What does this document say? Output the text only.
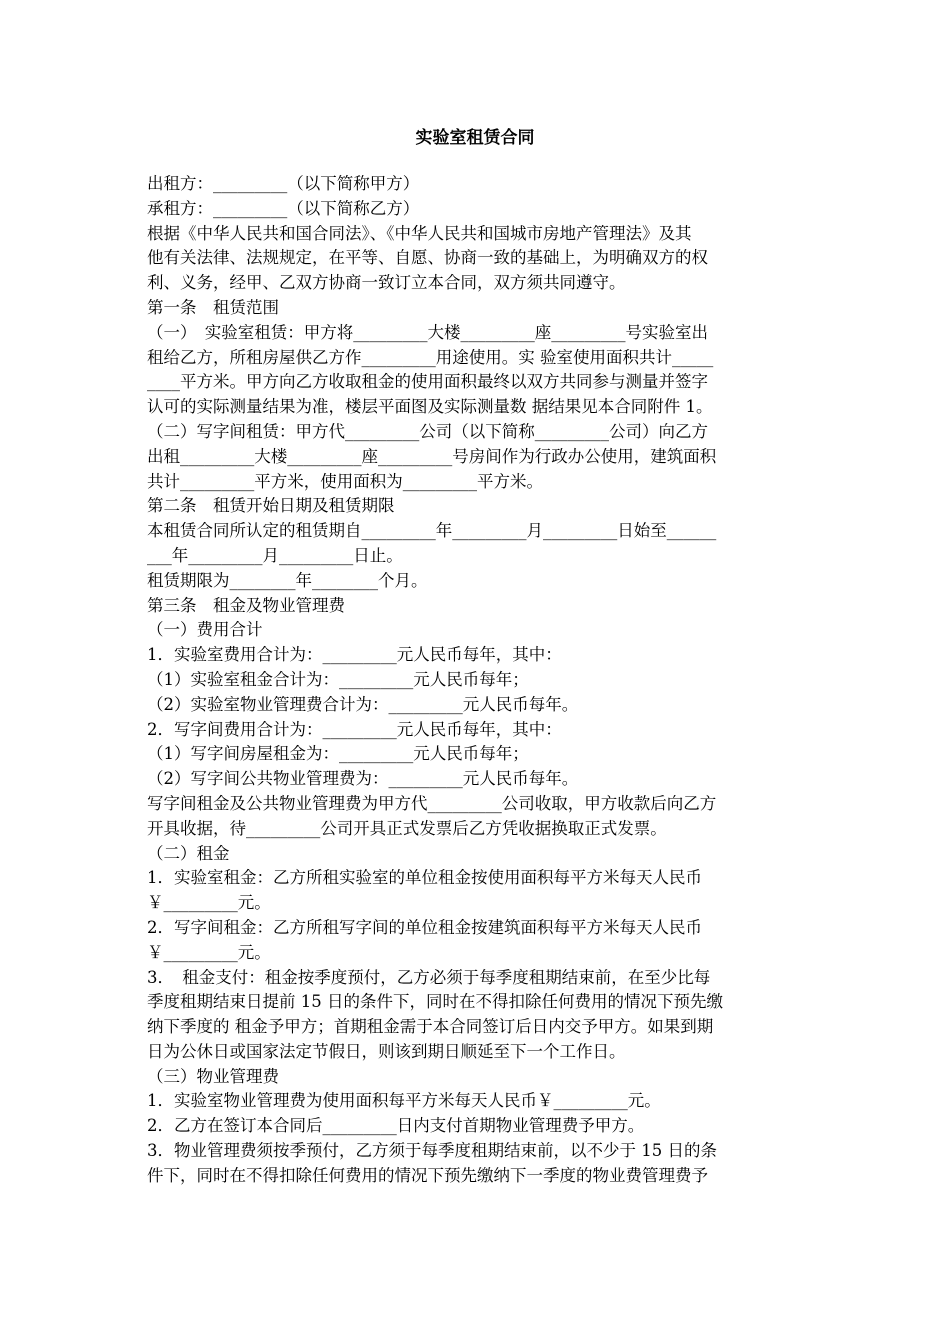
实验室租赁合同
出租方：_________（以下简称甲方）
承租方：_________（以下简称乙方）
根据《中华人民共和国合同法》、《中华人民共和国城市房地产管理法》及其
他有关法律、法规规定，在平等、自愿、协商一致的基础上，为明确双方的权
利、义务，经甲、乙双方协商一致订立本合同，双方须共同遵守。
第一条　租赁范围
（一）　实验室租赁：甲方将_________大楼_________座_________号实验室出
租给乙方，所租房屋供乙方作_________用途使用。实 验室使用面积共计_____
____平方米。甲方向乙方收取租金的使用面积最终以双方共同参与测量并签字
认可的实际测量结果为准，楼层平面图及实际测量数 据结果见本合同附件 1。
（二）写字间租赁：甲方代_________公司（以下简称_________公司）向乙方
出租_________大楼_________座_________号房间作为行政办公使用，建筑面积
共计_________平方米，使用面积为_________平方米。
第二条　租赁开始日期及租赁期限
本租赁合同所认定的租赁期自_________年_________月_________日始至______
___年_________月_________日止。
租赁期限为________年________个月。
第三条　租金及物业管理费
（一）费用合计
1．实验室费用合计为：_________元人民币每年，其中：
（1）实验室租金合计为：_________元人民币每年；
（2）实验室物业管理费合计为：_________元人民币每年。
2．写字间费用合计为：_________元人民币每年，其中：
（1）写字间房屋租金为：_________元人民币每年；
（2）写字间公共物业管理费为：_________元人民币每年。
写字间租金及公共物业管理费为甲方代_________公司收取，甲方收款后向乙方
开具收据，待_________公司开具正式发票后乙方凭收据换取正式发票。
（二）租金
1．实验室租金：乙方所租实验室的单位租金按使用面积每平方米每天人民币
￥_________元。
2．写字间租金：乙方所租写字间的单位租金按建筑面积每平方米每天人民币
￥_________元。
3．　租金支付：租金按季度预付，乙方必须于每季度租期结束前，在至少比每
季度租期结束日提前 15 日的条件下，同时在不得扣除任何费用的情况下预先缴
纳下季度的 租金予甲方；首期租金需于本合同签订后日内交予甲方。如果到期
日为公休日或国家法定节假日，则该到期日顺延至下一个工作日。
（三）物业管理费
1．实验室物业管理费为使用面积每平方米每天人民币￥_________元。
2．乙方在签订本合同后_________日内支付首期物业管理费予甲方。
3．物业管理费须按季预付，乙方须于每季度租期结束前，以不少于 15 日的条
件下，同时在不得扣除任何费用的情况下预先缴纳下一季度的物业费管理费予
